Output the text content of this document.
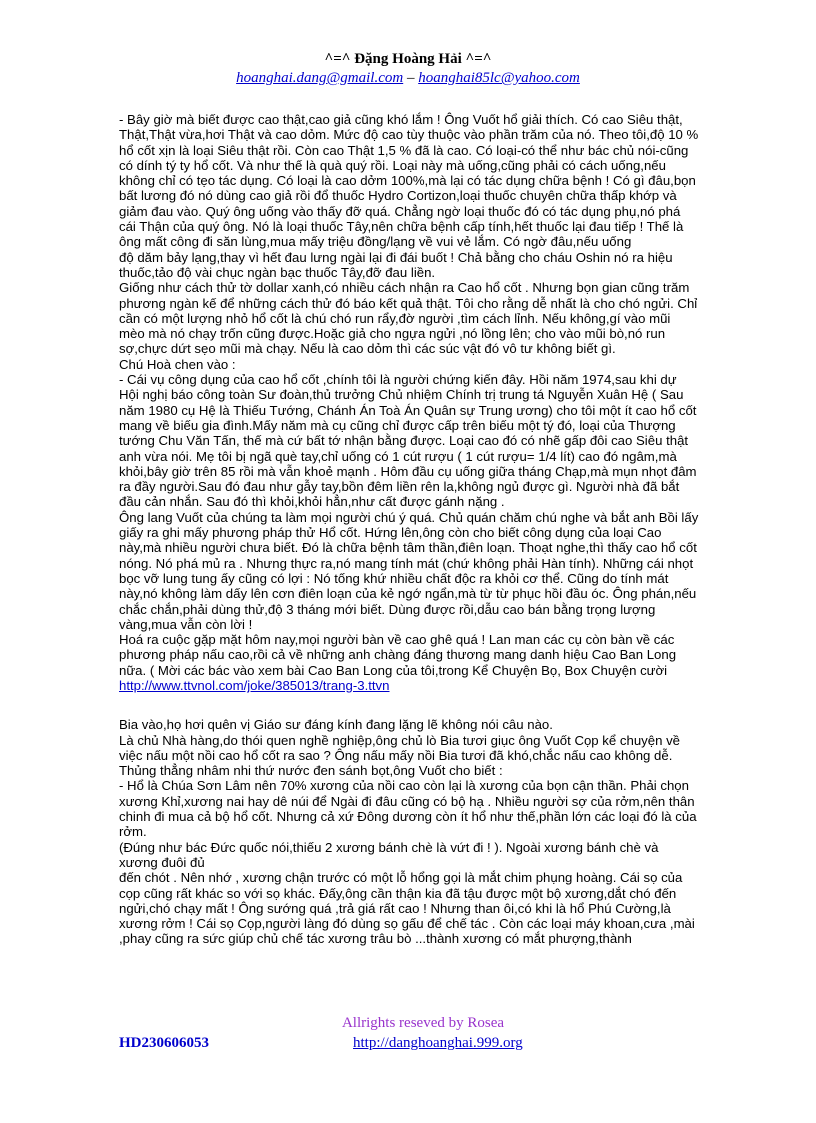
^=^ Đặng Hoàng Hải ^=^
hoanghai.dang@gmail.com – hoanghai85lc@yahoo.com

- Bây giờ mà biết được cao thật,cao giả cũng khó lắm ! Ông Vuốt hổ giải thích. Có cao Siêu thật, Thật,Thật vừa,hơi Thật và cao dỏm. Mức độ cao tùy thuộc vào phần trăm của nó. Theo tôi,độ 10 % hổ cốt xịn là loại Siêu thật rồi. Còn cao Thật 1,5 % đã là cao. Có loại-có thể như bác chủ nói-cũng có dính tý ty hổ cốt. Và như thế là quà quý rồi. Loại này mà uống,cũng phải có cách uống,nếu không chỉ có tẹo tác dụng. Có loại là cao dởm 100%,mà lại có tác dụng chữa bệnh ! Có gì đâu,bọn bất lương đó nó dùng cao giả rồi đổ thuốc Hydro Cortizon,loại thuốc chuyên chữa thấp khớp và giảm đau vào. Quý ông uống vào thấy đỡ quá. Chẳng ngờ loại thuốc đó có tác dụng phụ,nó phá cái Thận của quý ông. Nó là loại thuốc Tây,nên chữa bệnh cấp tính,hết thuốc lại đau tiếp ! Thế là ông mất công đi săn lùng,mua mấy triệu đồng/lạng về vui vẻ lắm. Có ngờ đâu,nếu uống

độ dăm bảy lạng,thay vì hết đau lưng ngài lại đi đái buốt ! Chả bằng cho cháu Oshin nó ra hiệu thuốc,tảo độ vài chục ngàn bạc thuốc Tây,đỡ đau liền.

Giống như cách thử tờ dollar xanh,có nhiều cách nhận ra Cao hổ cốt . Nhưng bọn gian cũng trăm phương ngàn kế để những cách thử đó báo kết quả thật. Tôi cho rằng dễ nhất là cho chó ngửi. Chỉ cần có một lượng nhỏ hổ cốt là chú chó run rẩy,đờ người ,tìm cách lỉnh. Nếu không,gí vào mũi mèo mà nó chạy trốn cũng được.Hoặc giả cho ngựa ngửi ,nó lồng lên; cho vào mũi bò,nó run sợ,chực dứt sẹo mũi mà chạy. Nếu là cao dỏm thì các súc vật đó vô tư không biết gì.

Chú Hoà chen vào :

- Cái vụ công dụng của cao hổ cốt ,chính tôi là người chứng kiến đây. Hồi năm 1974,sau khi dự Hội nghị báo công toàn Sư đoàn,thủ trưởng Chủ nhiệm Chính trị trung tá Nguyễn Xuân Hệ ( Sau năm 1980 cụ Hệ là Thiếu Tướng, Chánh Án Toà Án Quân sự Trung ương) cho tôi một ít cao hổ cốt mang về biếu gia đình.Mấy năm mà cụ cũng chỉ được cấp trên biếu một tý đó, loại của Thượng tướng Chu Văn Tấn, thế mà cứ bất tớ nhận bằng được. Loại cao đó có nhẽ gấp đôi cao Siêu thật anh vừa nói. Mẹ tôi bị ngã què tay,chỉ uống có 1 cút rượu ( 1 cút rượu= 1/4 lít) cao đó ngâm,mà khỏi,bây giờ trên 85 rồi mà vẫn khoẻ mạnh . Hôm đầu cụ uống giữa tháng Chạp,mà mụn nhọt đâm ra đầy người.Sau đó đau như gẫy tay,bồn đêm liền rên la,không ngủ được gì. Người nhà đã bắt đầu cản nhắn. Sau đó thì khỏi,khỏi hẳn,như cất được gánh nặng .

Ông lang Vuốt của chúng ta làm mọi người chú ý quá. Chủ quán chăm chú nghe và bắt anh Bồi lấy giấy ra ghi mấy phương pháp thử Hổ cốt. Hứng lên,ông còn cho biết công dụng của loại Cao này,mà nhiều người chưa biết. Đó là chữa bệnh tâm thần,điên loạn. Thoạt nghe,thì thấy cao hổ cốt nóng. Nó phá mủ ra . Nhưng thực ra,nó mang tính mát (chứ không phải Hàn tính). Những cái nhọt bọc vỡ lung tung ấy cũng có lợi : Nó tống khứ nhiều chất độc ra khỏi cơ thể. Cũng do tính mát này,nó không làm dấy lên cơn điên loạn của kẻ ngớ ngẩn,mà từ từ phục hồi đầu óc. Ông phán,nếu chắc chắn,phải dùng thử,độ 3 tháng mới biết. Dùng được rồi,dẫu cao bán bằng trọng lượng vàng,mua vẫn còn lời !

Hoá ra cuộc gặp mặt hôm nay,mọi người bàn về cao ghê quá ! Lan man các cụ còn bàn về các phương pháp nấu cao,rồi cả về những anh chàng đáng thương mang danh hiệu Cao Ban Long nữa. ( Mời các bác vào xem bài Cao Ban Long của tôi,trong Kể Chuyện Bọ, Box Chuyện cười

http://www.ttvnol.com/joke/385013/trang-3.ttvn

Bia vào,họ hơi quên vị Giáo sư đáng kính đang lặng lẽ không nói câu nào.

Là chủ Nhà hàng,do thói quen nghề nghiệp,ông chủ lò Bia tươi giục ông Vuốt Cọp kể chuyện về việc nấu một nồi cao hổ cốt ra sao ? Ông nấu mấy nồi Bia tươi đã khó,chắc nấu cao không dễ. Thủng thẳng nhâm nhi thứ nước đen sánh bọt,ông Vuốt cho biết :

- Hổ là Chúa Sơn Lâm nên 70% xương của nồi cao còn lại là xương của bọn cận thần. Phải chọn xương Khỉ,xương nai hay dê núi để Ngài đi đâu cũng có bộ hạ . Nhiều người sợ của rởm,nên thân chinh đi mua cả bộ hổ cốt. Nhưng cả xứ Đông dương còn ít hổ như thế,phần lớn các loại đó là của rởm.

(Đúng như bác Đức quốc nói,thiếu 2 xương bánh chè là vứt đi ! ). Ngoài xương bánh chè và xương đuôi đủ

đến chót . Nên nhớ , xương chận trước có một lỗ hổng gọi là mắt chim phụng hoàng. Cái sọ của cọp cũng rất khác so với sọ khác. Đấy,ông cần thận kia đã tậu được một bộ xương,dắt chó đến ngửi,chó chạy mất ! Ông sướng quá ,trả giá rất cao ! Nhưng than ôi,có khi là hổ Phú Cường,là xương rởm ! Cái sọ Cọp,người làng đó dùng sọ gấu để chế tác . Còn các loại máy khoan,cưa ,mài ,phay cũng ra sức giúp chủ chế tác xương trâu bò ...thành xương có mắt phượng,thành

Allrights reseved by Rosea
HD230606053	http://danghoanghai.999.org
